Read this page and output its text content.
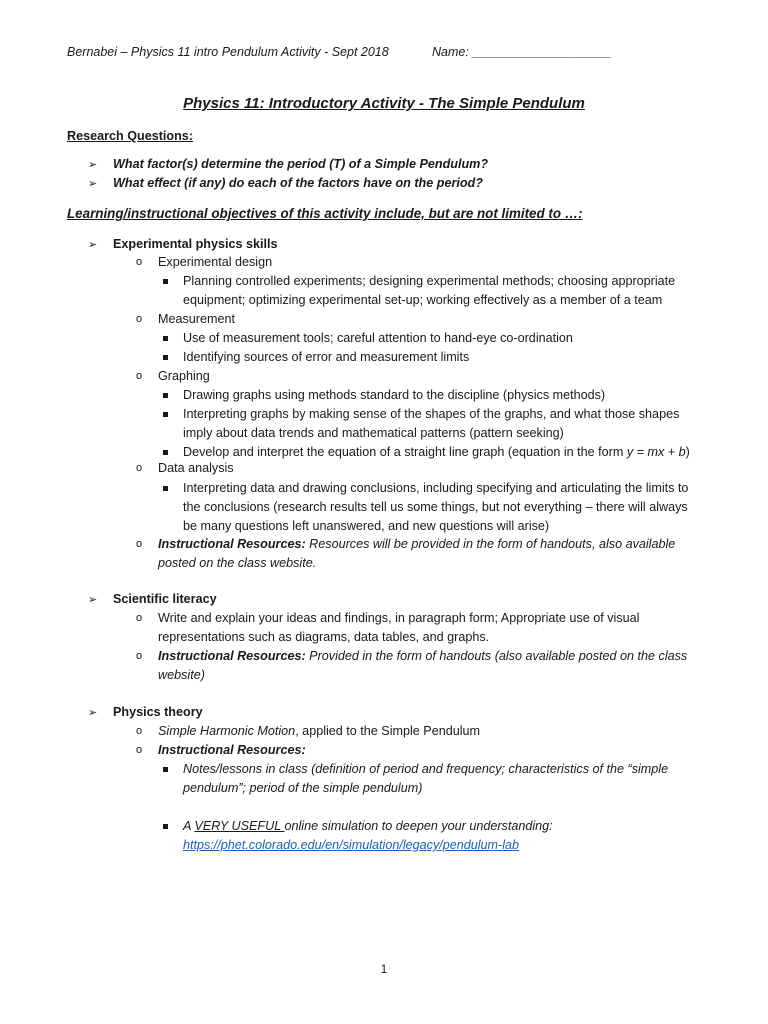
Bernabei – Physics 11 intro Pendulum Activity - Sept 2018	Name: ____________________
Physics 11: Introductory Activity - The Simple Pendulum
Research Questions:
➢ What factor(s) determine the period (T) of a Simple Pendulum?
➢ What effect (if any) do each of the factors have on the period?
Learning/instructional objectives of this activity include, but are not limited to …:
➢ Experimental physics skills
o Experimental design
Planning controlled experiments; designing experimental methods; choosing appropriate
equipment; optimizing experimental set-up; working effectively as a member of a team
o Measurement
Use of measurement tools; careful attention to hand-eye co-ordination
Identifying sources of error and measurement limits
o Graphing
Drawing graphs using methods standard to the discipline (physics methods)
Interpreting graphs by making sense of the shapes of the graphs, and what those shapes
imply about data trends and mathematical patterns (pattern seeking)
Develop and interpret the equation of a straight line graph (equation in the form y = mx + b)
o Data analysis
Interpreting data and drawing conclusions, including specifying and articulating the limits to
the conclusions (research results tell us some things, but not everything – there will always
be many questions left unanswered, and new questions will arise)
o Instructional Resources: Resources will be provided in the form of handouts, also available
posted on the class website.
➢ Scientific literacy
o Write and explain your ideas and findings, in paragraph form; Appropriate use of visual
representations such as diagrams, data tables, and graphs.
o Instructional Resources: Provided in the form of handouts (also available posted on the class
website)
➢ Physics theory
o Simple Harmonic Motion, applied to the Simple Pendulum
o Instructional Resources:
Notes/lessons in class (definition of period and frequency; characteristics of the “simple
pendulum”; period of the simple pendulum)
A VERY USEFUL online simulation to deepen your understanding:
https://phet.colorado.edu/en/simulation/legacy/pendulum-lab
1
